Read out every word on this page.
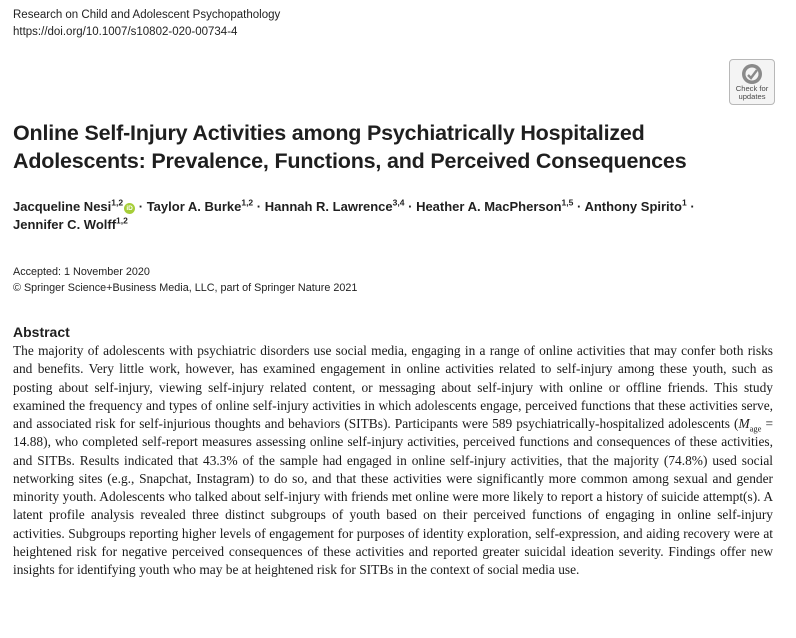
Research on Child and Adolescent Psychopathology
https://doi.org/10.1007/s10802-020-00734-4
Check for
updates
Online Self-Injury Activities among Psychiatrically Hospitalized
Adolescents: Prevalence, Functions, and Perceived Consequences
Jacqueline Nesi$^{1,2}$iD · Taylor A. Burke$^{1,2}$ · Hannah R. Lawrence$^{3,4}$ · Heather A. MacPherson$^{1,5}$ · Anthony Spirito$^1$ ·
Jennifer C. Wolff$^{1,2}$
Accepted: 1 November 2020
© Springer Science+Business Media, LLC, part of Springer Nature 2021
Abstract

The majority of adolescents with psychiatric disorders use social media, engaging in a range of online activities that may confer both risks and benefits. Very little work, however, has examined engagement in online activities related to self-injury among these youth, such as posting about self-injury, viewing self-injury related content, or messaging about self-injury with online or offline friends. This study examined the frequency and types of online self-injury activities in which adolescents engage, perceived functions that these activities serve, and associated risk for self-injurious thoughts and behaviors (SITBs). Participants were 589 psychiatrically-hospitalized adolescents $(M_{age} = 14.88)$, who completed self-report measures assessing online self-injury activities, perceived functions and consequences of these activities, and SITBs. Results indicated that 43.3% of the sample had engaged in online self-injury activities, that the majority (74.8%) used social networking sites (e.g., Snapchat, Instagram) to do so, and that these activities were significantly more common among sexual and gender minority youth. Adolescents who talked about self-injury with friends met online were more likely to report a history of suicide attempt(s). A latent profile analysis revealed three distinct subgroups of youth based on their perceived functions of engaging in online self-injury activities. Subgroups reporting higher levels of engagement for purposes of identity exploration, self-expression, and aiding recovery were at heightened risk for negative perceived consequences of these activities and reported greater suicidal ideation severity. Findings offer new insights for identifying youth who may be at heightened risk for SITBs in the context of social media use.
